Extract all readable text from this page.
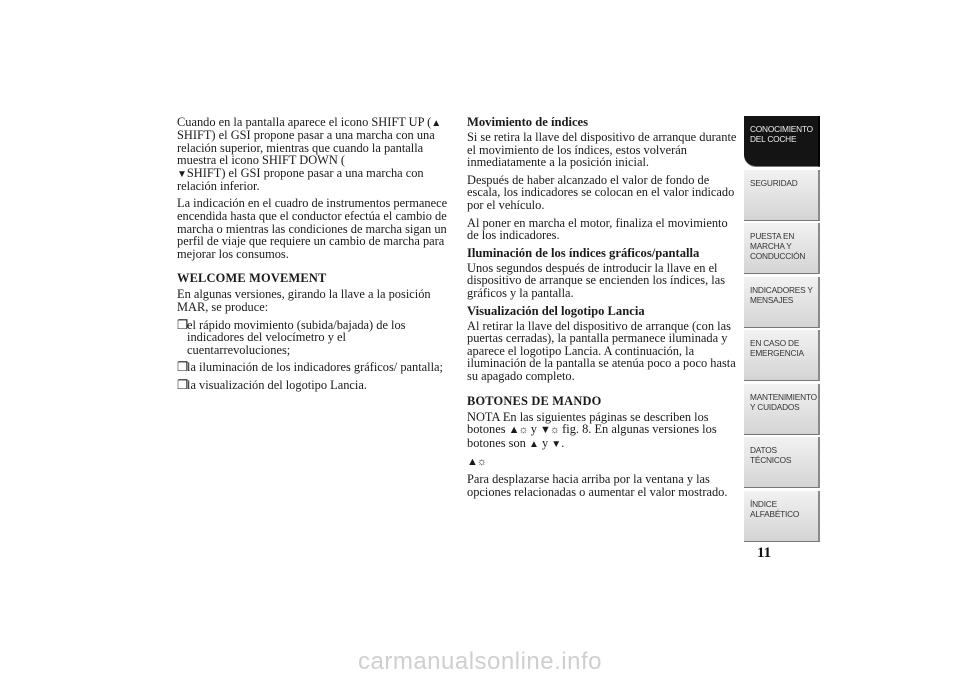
Cuando en la pantalla aparece el icono SHIFT UP (▲SHIFT) el GSI propone pasar a una marcha con una relación superior, mientras que cuando la pantalla muestra el icono SHIFT DOWN (
▼SHIFT) el GSI propone pasar a una marcha con relación inferior.

La indicación en el cuadro de instrumentos permanece encendida hasta que el conductor efectúa el cambio de marcha o mientras las condiciones de marcha sigan un perfil de viaje que requiere un cambio de marcha para mejorar los consumos.

WELCOME MOVEMENT

En algunas versiones, girando la llave a la posición MAR, se produce:

❐el rápido movimiento (subida/bajada) de los indicadores del velocímetro y el cuentarrevoluciones;
❐la iluminación de los indicadores gráficos/ pantalla;
❐la visualización del logotipo Lancia.
Movimiento de índices

Si se retira la llave del dispositivo de arranque durante el movimiento de los índices, estos volverán inmediatamente a la posición inicial.

Después de haber alcanzado el valor de fondo de escala, los indicadores se colocan en el valor indicado por el vehículo.

Al poner en marcha el motor, finaliza el movimiento de los indicadores.

Iluminación de los índices gráficos/pantalla

Unos segundos después de introducir la llave en el dispositivo de arranque se encienden los índices, las gráficos y la pantalla.

Visualización del logotipo Lancia

Al retirar la llave del dispositivo de arranque (con las puertas cerradas), la pantalla permanece iluminada y aparece el logotipo Lancia. A continuación, la iluminación de la pantalla se atenúa poco a poco hasta su apagado completo.

BOTONES DE MANDO

NOTA En las siguientes páginas se describen los botones ▲☼ y ▼☼ fig. 8. En algunas versiones los botones son ▲ y ▼.

▲☼

Para desplazarse hacia arriba por la ventana y las opciones relacionadas o aumentar el valor mostrado.

CONOCIMIENTO DEL COCHE
SEGURIDAD
PUESTA EN MARCHA Y CONDUCCIÓN
INDICADORES Y MENSAJES
EN CASO DE EMERGENCIA
MANTENIMIENTO Y CUIDADOS
DATOS TÉCNICOS
ÍNDICE ALFABÉTICO
11
carmanualsonline.info
